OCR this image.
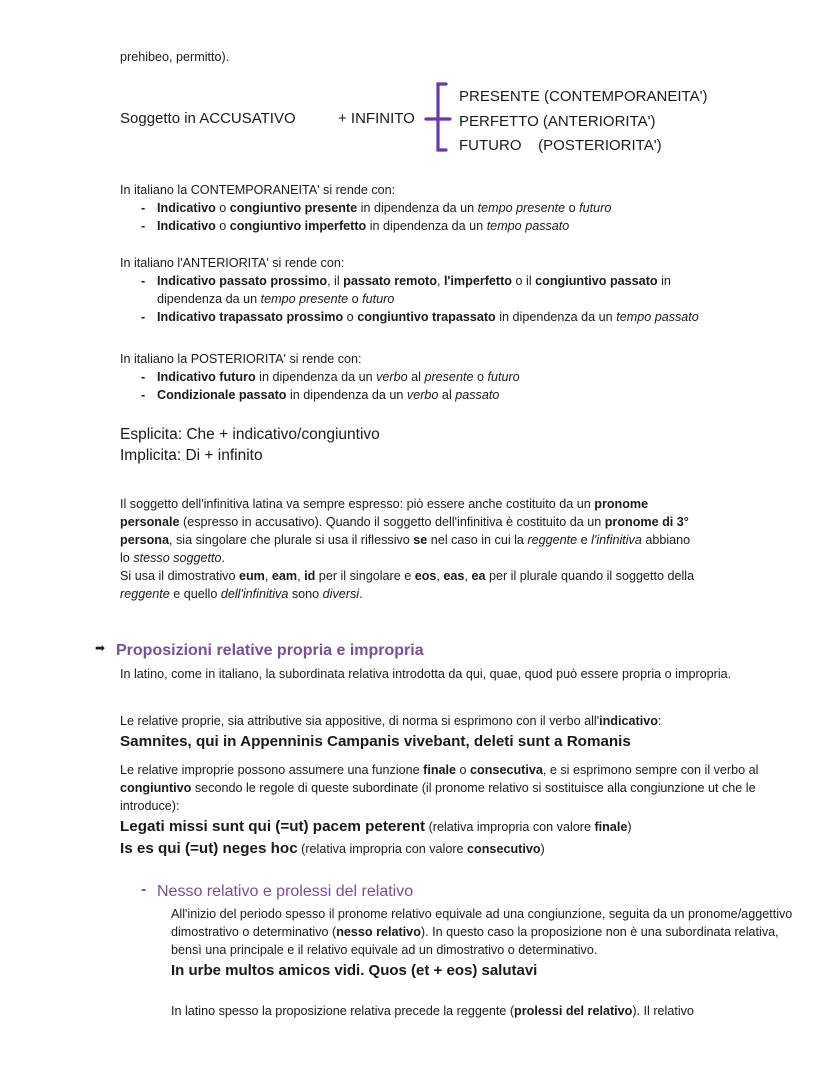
prehibeo, permitto).
Soggetto in ACCUSATIVO	+ INFINITO
PRESENTE (CONTEMPORANEITA')
PERFETTO (ANTERIORITA')
FUTURO    (POSTERIORITA')

In italiano la CONTEMPORANEITA' si rende con:

- Indicativo o congiuntivo presente in dipendenza da un tempo presente o futuro
- Indicativo o congiuntivo imperfetto in dipendenza da un tempo passato

In italiano l'ANTERIORITA' si rende con:

- Indicativo passato prossimo, il passato remoto, l'imperfetto o il congiuntivo passato in
dipendenza da un tempo presente o futuro
- Indicativo trapassato prossimo o congiuntivo trapassato in dipendenza da un tempo passato

In italiano la POSTERIORITA' si rende con:

- Indicativo futuro in dipendenza da un verbo al presente o futuro
- Condizionale passato in dipendenza da un verbo al passato
Esplicita: Che + indicativo/congiuntivo
Implicita: Di + infinito
Il soggetto dell'infinitiva latina va sempre espresso: piò essere anche costituito da un pronome
personale (espresso in accusativo). Quando il soggetto dell'infinitiva è costituito da un pronome di 3°
persona, sia singolare che plurale si usa il riflessivo se nel caso in cui la reggente e l'infinitiva abbiano
lo stesso soggetto.
Si usa il dimostrativo eum, eam, id per il singolare e eos, eas, ea per il plurale quando il soggetto della
reggente e quello dell'infinitiva sono diversi.
➡ Proposizioni relative propria e impropria
In latino, come in italiano, la subordinata relativa introdotta da qui, quae, quod può essere propria o impropria.
Le relative proprie, sia attributive sia appositive, di norma si esprimono con il verbo all'indicativo:
Samnites, qui in Appenninis Campanis vivebant, deleti sunt a Romanis
Le relative improprie possono assumere una funzione finale o consecutiva, e si esprimono sempre con il verbo al congiuntivo secondo le regole di queste subordinate (il pronome relativo si sostituisce alla congiunzione ut che le introduce):
Legati missi sunt qui (=ut) pacem peterent (relativa impropria con valore finale)
Is es qui (=ut) neges hoc (relativa impropria con valore consecutivo)
- Nesso relativo e prolessi del relativo
All'inizio del periodo spesso il pronome relativo equivale ad una congiunzione, seguita da un pronome/aggettivo dimostrativo o determinativo (nesso relativo). In questo caso la proposizione non è una subordinata relativa, bensì una principale e il relativo equivale ad un dimostrativo o determinativo.
In urbe multos amicos vidi. Quos (et + eos) salutavi
In latino spesso la proposizione relativa precede la reggente (prolessi del relativo). Il relativo
